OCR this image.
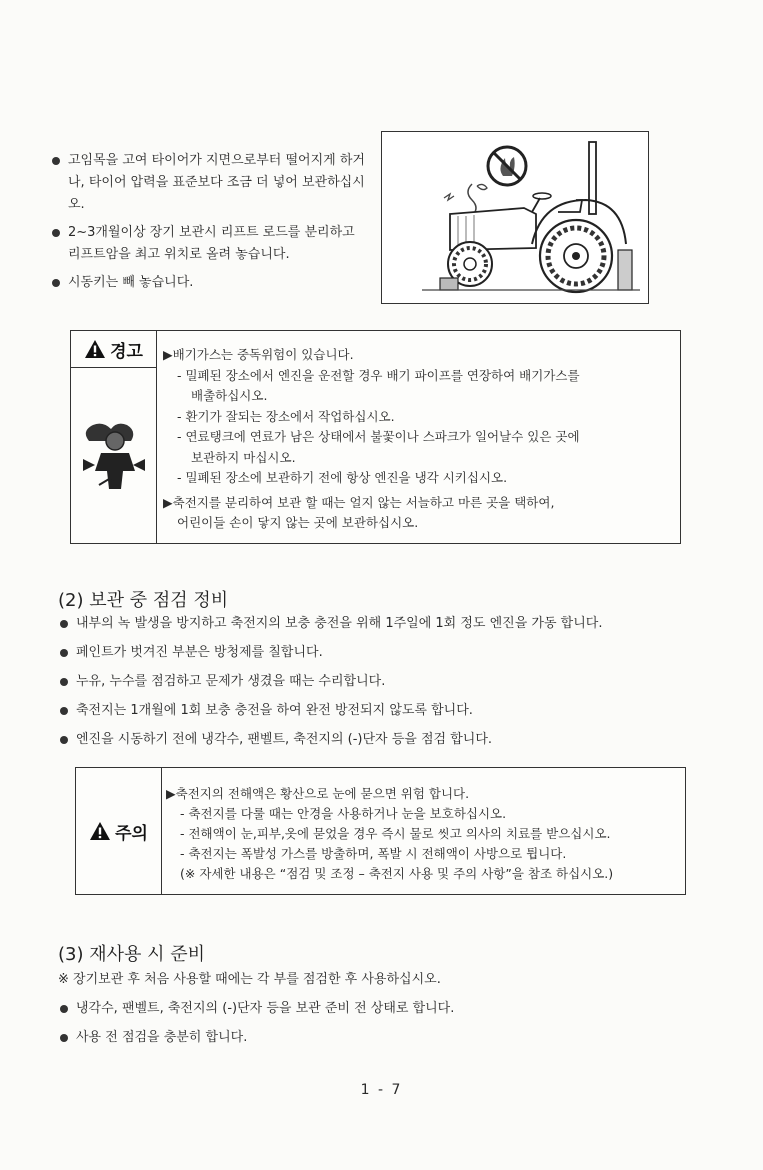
고임목을 고여 타이어가 지면으로부터 떨어지게 하거나, 타이어 압력을 표준보다 조금 더 넣어 보관하십시오.
2~3개월이상 장기 보관시 리프트 로드를 분리하고 리프트암을 최고 위치로 올려 놓습니다.
시동키는 빼 놓습니다.
경고 ▶배기가스는 중독위험이 있습니다.
- 밀폐된 장소에서 엔진을 운전할 경우 배기 파이프를 연장하여 배기가스를
배출하십시오.
- 환기가 잘되는 장소에서 작업하십시오.
- 연료탱크에 연료가 남은 상태에서 불꽃이나 스파크가 일어날수 있은 곳에
보관하지 마십시오.
- 밀폐된 장소에 보관하기 전에 항상 엔진을 냉각 시키십시오.
▶축전지를 분리하여 보관 할 때는 얼지 않는 서늘하고 마른 곳을 택하여,
어린이들 손이 닿지 않는 곳에 보관하십시오.
(2) 보관 중 점검 정비
내부의 녹 발생을 방지하고 축전지의 보충 충전을 위해 1주일에 1회 정도 엔진을 가동 합니다.
페인트가 벗겨진 부분은 방청제를 칠합니다.
누유, 누수를 점검하고 문제가 생겼을 때는 수리합니다.
축전지는 1개월에 1회 보충 충전을 하여 완전 방전되지 않도록 합니다.
엔진을 시동하기 전에 냉각수, 팬벨트, 축전지의 (-)단자 등을 점검 합니다.
주의
▶축전지의 전해액은 황산으로 눈에 묻으면 위험 합니다.
- 축전지를 다룰 때는 안경을 사용하거나 눈을 보호하십시오.
- 전해액이 눈,피부,옷에 묻었을 경우 즉시 물로 씻고 의사의 치료를 받으십시오.
- 축전지는 폭발성 가스를 방출하며, 폭발 시 전해액이 사방으로 튑니다.
(※ 자세한 내용은 “점검 및 조정 – 축전지 사용 및 주의 사항”을 참조 하십시오.)
(3) 재사용 시 준비
※ 장기보관 후 처음 사용할 때에는 각 부를 점검한 후 사용하십시오.
냉각수, 팬벨트, 축전지의 (-)단자 등을 보관 준비 전 상태로 합니다.
사용 전 점검을 충분히 합니다.
1 - 7
